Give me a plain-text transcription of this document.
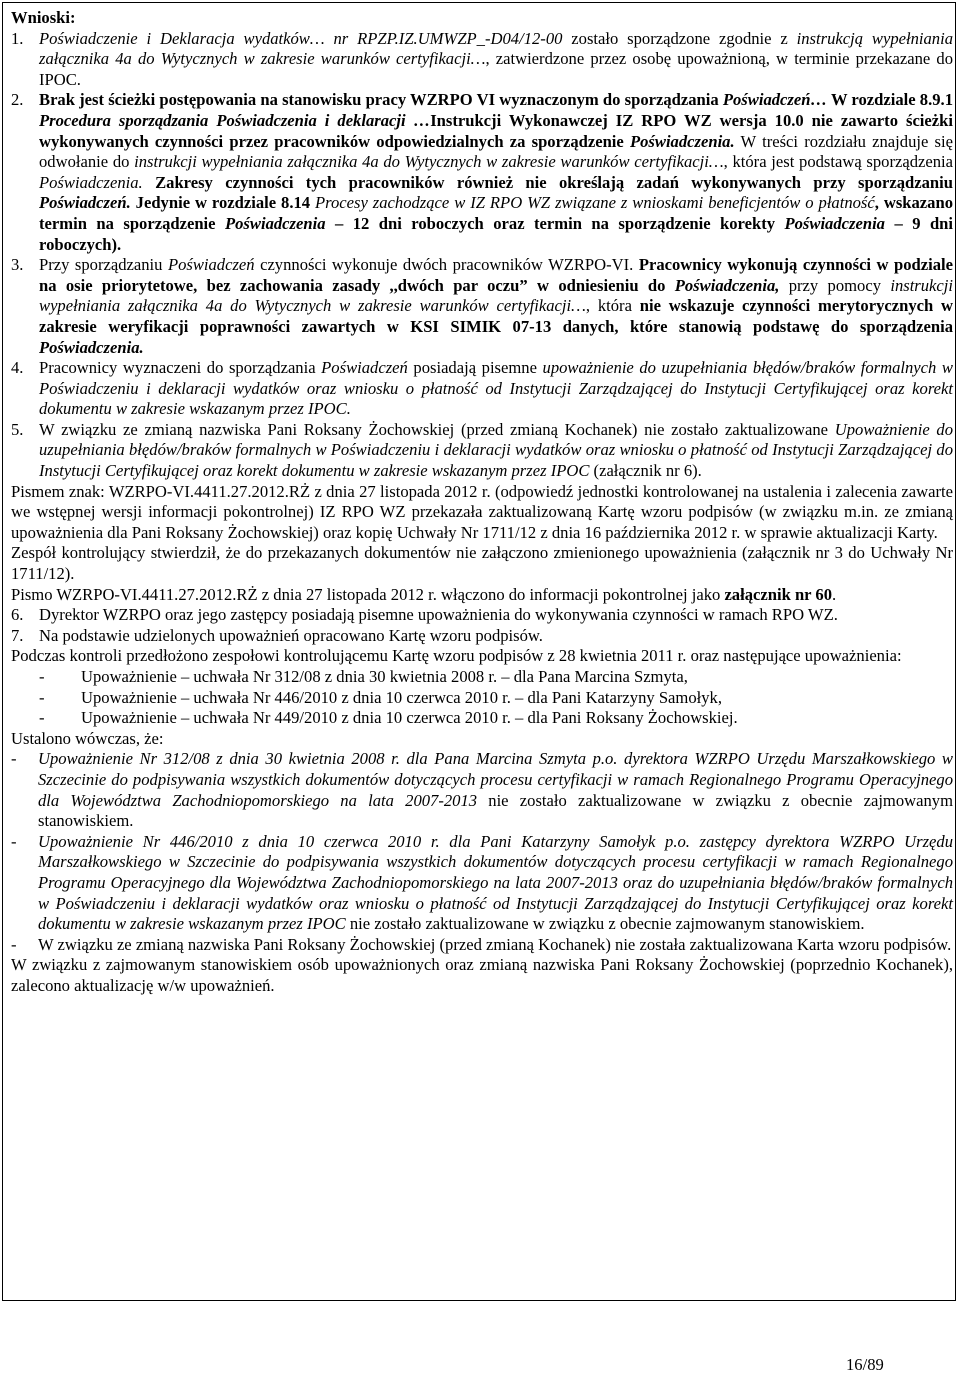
Wnioski:

1. Poświadczenie i Deklaracja wydatków… nr RPZP.IZ.UMWZP_-D04/12-00 zostało sporządzone zgodnie z instrukcją wypełniania załącznika 4a do Wytycznych w zakresie warunków certyfikacji…, zatwierdzone przez osobę upoważnioną, w terminie przekazane do IPOC.

2. Brak jest ścieżki postępowania na stanowisku pracy WZRPO VI wyznaczonym do sporządzania Poświadczeń… W rozdziale 8.9.1 Procedura sporządzania Poświadczenia i deklaracji …Instrukcji Wykonawczej IZ RPO WZ wersja 10.0 nie zawarto ścieżki wykonywanych czynności przez pracowników odpowiedzialnych za sporządzenie Poświadczenia. W treści rozdziału znajduje się odwołanie do instrukcji wypełniania załącznika 4a do Wytycznych w zakresie warunków certyfikacji…, która jest podstawą sporządzenia Poświadczenia. Zakresy czynności tych pracowników również nie określają zadań wykonywanych przy sporządzaniu Poświadczeń. Jedynie w rozdziale 8.14 Procesy zachodzące w IZ RPO WZ związane z wnioskami beneficjentów o płatność, wskazano termin na sporządzenie Poświadczenia – 12 dni roboczych oraz termin na sporządzenie korekty Poświadczenia – 9 dni roboczych).

3. Przy sporządzaniu Poświadczeń czynności wykonuje dwóch pracowników WZRPO-VI. Pracownicy wykonują czynności w podziale na osie priorytetowe, bez zachowania zasady ,,dwóch par oczu” w odniesieniu do Poświadczenia, przy pomocy instrukcji wypełniania załącznika 4a do Wytycznych w zakresie warunków certyfikacji…, która nie wskazuje czynności merytorycznych w zakresie weryfikacji poprawności zawartych w KSI SIMIK 07-13 danych, które stanowią podstawę do sporządzenia Poświadczenia.

4. Pracownicy wyznaczeni do sporządzania Poświadczeń posiadają pisemne upoważnienie do uzupełniania błędów/braków formalnych w Poświadczeniu i deklaracji wydatków oraz wniosku o płatność od Instytucji Zarządzającej do Instytucji Certyfikującej oraz korekt dokumentu w zakresie wskazanym przez IPOC.

5. W związku ze zmianą nazwiska Pani Roksany Żochowskiej (przed zmianą Kochanek) nie zostało zaktualizowane Upoważnienie do uzupełniania błędów/braków formalnych w Poświadczeniu i deklaracji wydatków oraz wniosku o płatność od Instytucji Zarządzającej do Instytucji Certyfikującej oraz korekt dokumentu w zakresie wskazanym przez IPOC (załącznik nr 6).

Pismem znak: WZRPO-VI.4411.27.2012.RŻ z dnia 27 listopada 2012 r. (odpowiedź jednostki kontrolowanej na ustalenia i zalecenia zawarte we wstępnej wersji informacji pokontrolnej) IZ RPO WZ przekazała zaktualizowaną Kartę wzoru podpisów (w związku m.in. ze zmianą upoważnienia dla Pani Roksany Żochowskiej) oraz kopię Uchwały Nr 1711/12 z dnia 16 października 2012 r. w sprawie aktualizacji Karty.

Zespół kontrolujący stwierdził, że do przekazanych dokumentów nie załączono zmienionego upoważnienia (załącznik nr 3 do Uchwały Nr 1711/12).

Pismo WZRPO-VI.4411.27.2012.RŻ z dnia 27 listopada 2012 r. włączono do informacji pokontrolnej jako załącznik nr 60.

6. Dyrektor WZRPO oraz jego zastępcy posiadają pisemne upoważnienia do wykonywania czynności w ramach RPO WZ.

7. Na podstawie udzielonych upoważnień opracowano Kartę wzoru podpisów.

Podczas kontroli przedłożono zespołowi kontrolującemu Kartę wzoru podpisów z 28 kwietnia 2011 r. oraz następujące upoważnienia:

- Upoważnienie – uchwała Nr 312/08 z dnia 30 kwietnia 2008 r. – dla Pana Marcina Szmyta,

- Upoważnienie – uchwała Nr 446/2010 z dnia 10 czerwca 2010 r. – dla Pani Katarzyny Samołyk,

- Upoważnienie – uchwała Nr 449/2010 z dnia 10 czerwca 2010 r. – dla Pani Roksany Żochowskiej.

Ustalono wówczas, że:

- Upoważnienie Nr 312/08 z dnia 30 kwietnia 2008 r. dla Pana Marcina Szmyta p.o. dyrektora WZRPO Urzędu Marszałkowskiego w Szczecinie do podpisywania wszystkich dokumentów dotyczących procesu certyfikacji w ramach Regionalnego Programu Operacyjnego dla Województwa Zachodniopomorskiego na lata 2007-2013 nie zostało zaktualizowane w związku z obecnie zajmowanym stanowiskiem.

- Upoważnienie Nr 446/2010 z dnia 10 czerwca 2010 r. dla Pani Katarzyny Samołyk p.o. zastępcy dyrektora WZRPO Urzędu Marszałkowskiego w Szczecinie do podpisywania wszystkich dokumentów dotyczących procesu certyfikacji w ramach Regionalnego Programu Operacyjnego dla Województwa Zachodniopomorskiego na lata 2007-2013 oraz do uzupełniania błędów/braków formalnych w Poświadczeniu i deklaracji wydatków oraz wniosku o płatność od Instytucji Zarządzającej do Instytucji Certyfikującej oraz korekt dokumentu w zakresie wskazanym przez IPOC nie zostało zaktualizowane w związku z obecnie zajmowanym stanowiskiem.

- W związku ze zmianą nazwiska Pani Roksany Żochowskiej (przed zmianą Kochanek) nie została zaktualizowana Karta wzoru podpisów.

W związku z zajmowanym stanowiskiem osób upoważnionych oraz zmianą nazwiska Pani Roksany Żochowskiej (poprzednio Kochanek), zalecono aktualizację w/w upoważnień.

16/89
